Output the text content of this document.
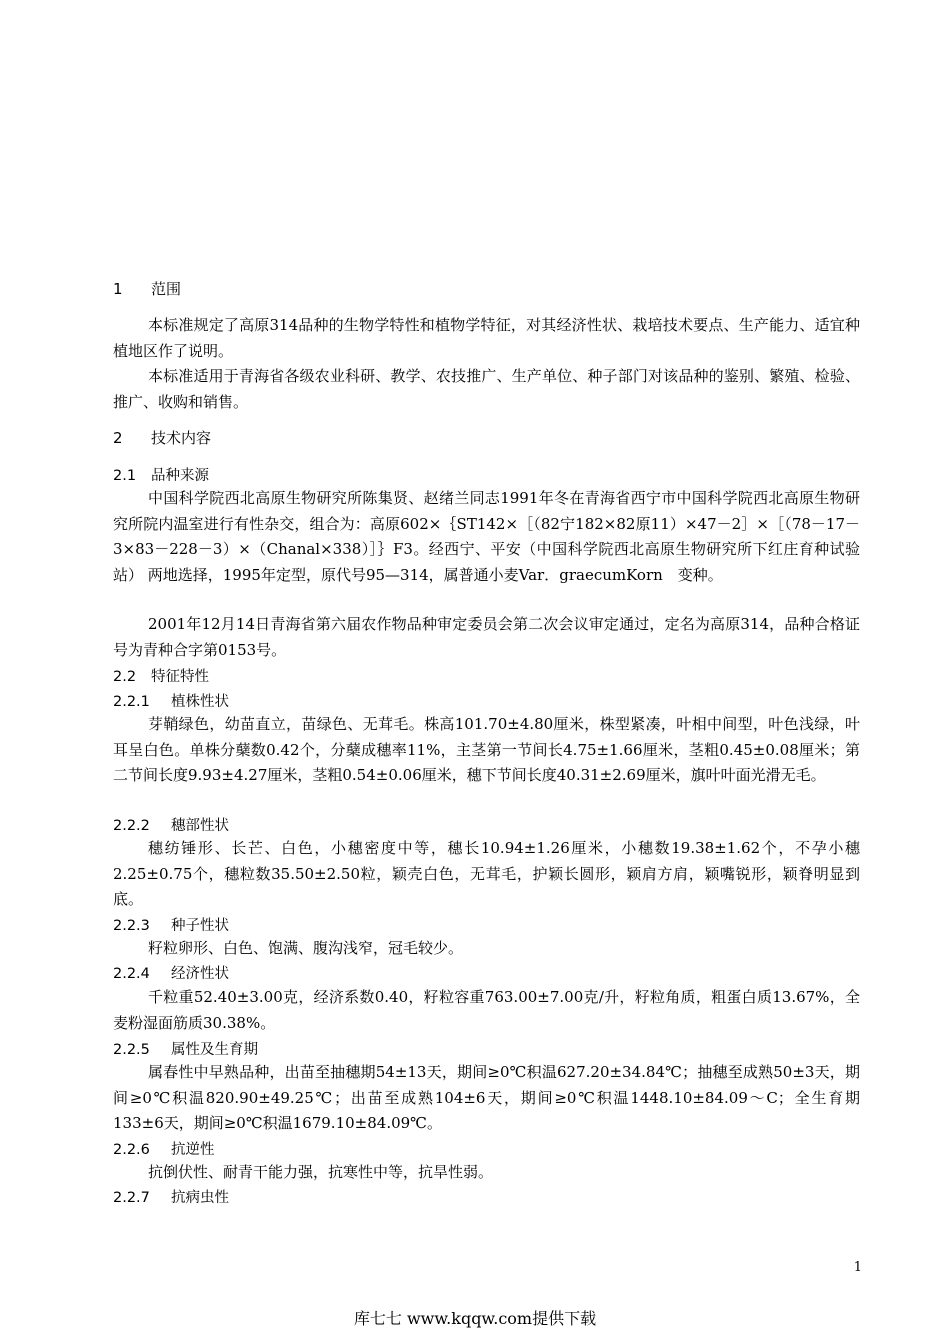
1 范围
本标准规定了高原314品种的生物学特性和植物学特征，对其经济性状、栽培技术要点、生产能力、适宜种植地区作了说明。
本标准适用于青海省各级农业科研、教学、农技推广、生产单位、种子部门对该品种的鉴别、繁殖、检验、推广、收购和销售。
2 技术内容
2.1 品种来源
中国科学院西北高原生物研究所陈集贤、赵绪兰同志1991年冬在青海省西宁市中国科学院西北高原生物研究所院内温室进行有性杂交，组合为：高原602×｛ST142×［（82宁182×82原11）×47－2］×［（78－17－3×83－228－3）×（Chanal×338）］｝F3。经西宁、平安（中国科学院西北高原生物研究所下红庄育种试验站） 两地选择，1995年定型，原代号95—314，属普通小麦Var．graecumKorn　变种。
2001年12月14日青海省第六届农作物品种审定委员会第二次会议审定通过，定名为高原314，品种合格证号为青种合字第0153号。
2.2 特征特性
2.2.1 植株性状
芽鞘绿色，幼苗直立，苗绿色、无茸毛。株高101.70±4.80厘米，株型紧凑，叶相中间型，叶色浅绿，叶耳呈白色。单株分蘖数0.42个，分蘖成穗率11%，主茎第一节间长4.75±1.66厘米，茎粗0.45±0.08厘米；第二节间长度9.93±4.27厘米，茎粗0.54±0.06厘米，穗下节间长度40.31±2.69厘米，旗叶叶面光滑无毛。
2.2.2 穗部性状
穗纺锤形、长芒、白色，小穗密度中等，穗长10.94±1.26厘米，小穗数19.38±1.62个，不孕小穗2.25±0.75个，穗粒数35.50±2.50粒，颖壳白色，无茸毛，护颖长圆形，颖肩方肩，颖嘴锐形，颖脊明显到底。
2.2.3 种子性状
籽粒卵形、白色、饱满、腹沟浅窄，冠毛较少。
2.2.4 经济性状
千粒重52.40±3.00克，经济系数0.40，籽粒容重763.00±7.00克/升，籽粒角质，粗蛋白质13.67%，全麦粉湿面筋质30.38%。
2.2.5 属性及生育期
属春性中早熟品种，出苗至抽穗期54±13天，期间≥0℃积温627.20±34.84℃；抽穗至成熟50±3天，期间≥0℃积温820.90±49.25℃；出苗至成熟104±6天，期间≥0℃积温1448.10±84.09～C；全生育期133±6天，期间≥0℃积温1679.10±84.09℃。
2.2.6 抗逆性
抗倒伏性、耐青干能力强，抗寒性中等，抗旱性弱。
2.2.7 抗病虫性
1
库七七 www.kqqw.com提供下载
